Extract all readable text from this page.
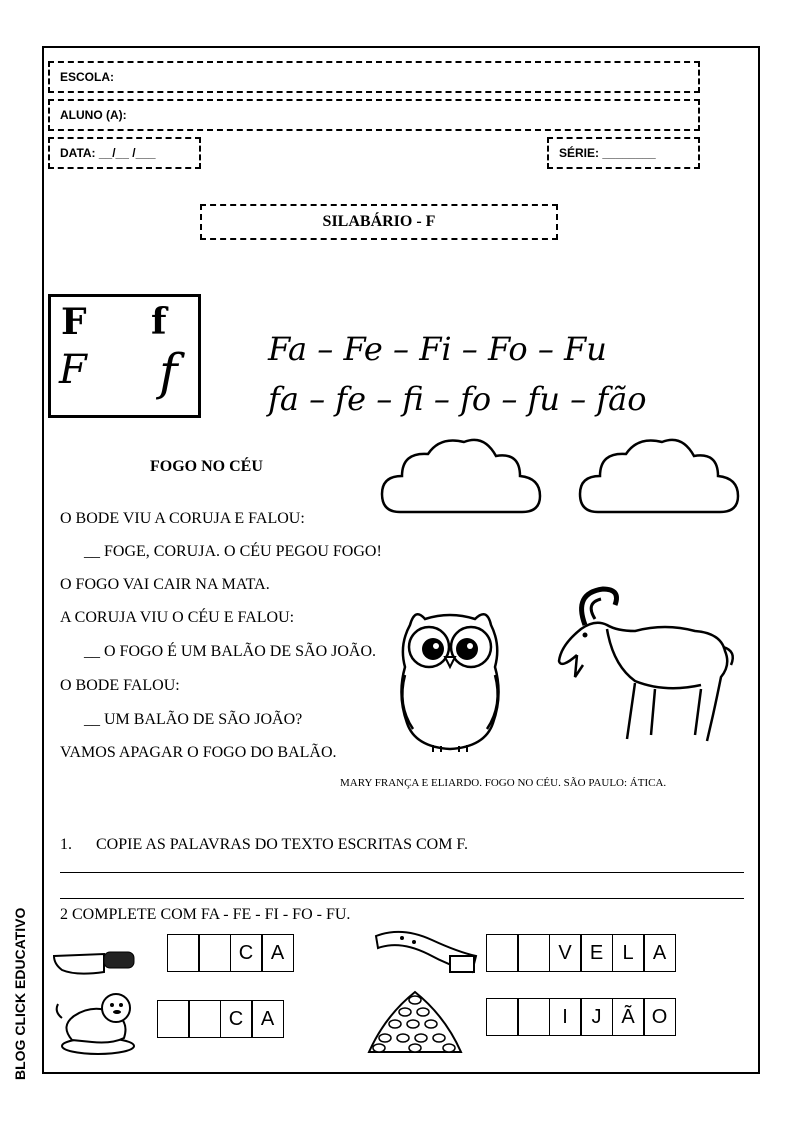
ESCOLA:
ALUNO (A):
DATA: __/__ /___	SÉRIE: ________
SILABÁRIO - F
F f
F f	Fa – Fe – Fi – Fo – Fu
fa – fe – fi – fo – fu – fão
FOGO NO CÉU
O BODE VIU A CORUJA E FALOU:
__ FOGE, CORUJA. O CÉU PEGOU FOGO!
O FOGO VAI CAIR NA MATA.
A CORUJA VIU O CÉU E FALOU:
__ O FOGO É UM BALÃO DE SÃO JOÃO.
O BODE FALOU:
__ UM BALÃO DE SÃO JOÃO?
VAMOS APAGAR O FOGO DO BALÃO.
MARY FRANÇA E ELIARDO. FOGO NO CÉU. SÃO PAULO: ÁTICA.
1. COPIE AS PALAVRAS DO TEXTO ESCRITAS COM F.
2 COMPLETE COM FA - FE - FI - FO - FU.
C A	V E L A
C A	I	J Ã O
BLOG CLICK EDUCATIVO
